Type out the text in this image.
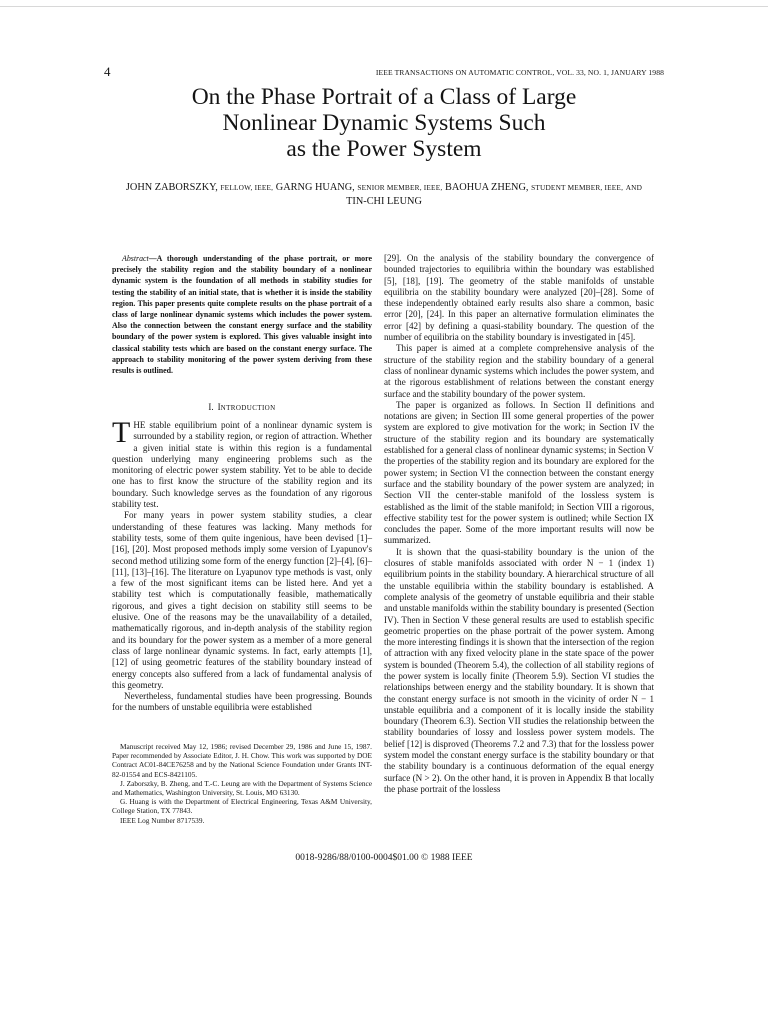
4	IEEE TRANSACTIONS ON AUTOMATIC CONTROL, VOL. 33, NO. 1, JANUARY 1988
On the Phase Portrait of a Class of Large
Nonlinear Dynamic Systems Such
as the Power System
JOHN ZABORSZKY, FELLOW, IEEE, GARNG HUANG, SENIOR MEMBER, IEEE, BAOHUA ZHENG, STUDENT MEMBER, IEEE, AND
TIN-CHI LEUNG
Abstract—A thorough understanding of the phase portrait, or more precisely the stability region and the stability boundary of a nonlinear dynamic system is the foundation of all methods in stability studies for testing the stability of an initial state, that is whether it is inside the stability region. This paper presents quite complete results on the phase portrait of a class of large nonlinear dynamic systems which includes the power system. Also the connection between the constant energy surface and the stability boundary of the power system is explored. This gives valuable insight into classical stability tests which are based on the constant energy surface. The approach to stability monitoring of the power system deriving from these results is outlined.
I. INTRODUCTION

THE stable equilibrium point of a nonlinear dynamic system is surrounded by a stability region, or region of attraction. Whether a given initial state is within this region is a fundamental question underlying many engineering problems such as the monitoring of electric power system stability. Yet to be able to decide one has to first know the structure of the stability region and its boundary. Such knowledge serves as the foundation of any rigorous stability test.

For many years in power system stability studies, a clear understanding of these features was lacking. Many methods for stability tests, some of them quite ingenious, have been devised [1]–[16], [20]. Most proposed methods imply some version of Lyapunov's second method utilizing some form of the energy function [2]–[4], [6]–[11], [13]–[16]. The literature on Lyapunov type methods is vast, only a few of the most significant items can be listed here. And yet a stability test which is computationally feasible, mathematically rigorous, and gives a tight decision on stability still seems to be elusive. One of the reasons may be the unavailability of a detailed, mathematically rigorous, and in-depth analysis of the stability region and its boundary for the power system as a member of a more general class of large nonlinear dynamic systems. In fact, early attempts [1], [12] of using geometric features of the stability boundary instead of energy concepts also suffered from a lack of fundamental analysis of this geometry.

Nevertheless, fundamental studies have been progressing. Bounds for the numbers of unstable equilibria were established

Manuscript received May 12, 1986; revised December 29, 1986 and June 15, 1987. Paper recommended by Associate Editor, J. H. Chow. This work was supported by DOE Contract AC01-84CE76258 and by the National Science Foundation under Grants INT-82-01554 and ECS-8421105.

J. Zaborszky, B. Zheng, and T.-C. Leung are with the Department of Systems Science and Mathematics, Washington University, St. Louis, MO 63130.

G. Huang is with the Department of Electrical Engineering, Texas A&M University, College Station, TX 77843.

IEEE Log Number 8717539.

[29]. On the analysis of the stability boundary the convergence of bounded trajectories to equilibria within the boundary was established [5], [18], [19]. The geometry of the stable manifolds of unstable equilibria on the stability boundary were analyzed [20]–[28]. Some of these independently obtained early results also share a common, basic error [20], [24]. In this paper an alternative formulation eliminates the error [42] by defining a quasi-stability boundary. The question of the number of equilibria on the stability boundary is investigated in [45].

This paper is aimed at a complete comprehensive analysis of the structure of the stability region and the stability boundary of a general class of nonlinear dynamic systems which includes the power system, and at the rigorous establishment of relations between the constant energy surface and the stability boundary of the power system.

The paper is organized as follows. In Section II definitions and notations are given; in Section III some general properties of the power system are explored to give motivation for the work; in Section IV the structure of the stability region and its boundary are systematically established for a general class of nonlinear dynamic systems; in Section V the properties of the stability region and its boundary are explored for the power system; in Section VI the connection between the constant energy surface and the stability boundary of the power system are analyzed; in Section VII the center-stable manifold of the lossless system is established as the limit of the stable manifold; in Section VIII a rigorous, effective stability test for the power system is outlined; while Section IX concludes the paper. Some of the more important results will now be summarized.

It is shown that the quasi-stability boundary is the union of the closures of stable manifolds associated with order N − 1 (index 1) equilibrium points in the stability boundary. A hierarchical structure of all the unstable equilibria within the stability boundary is established. A complete analysis of the geometry of unstable equilibria and their stable and unstable manifolds within the stability boundary is presented (Section IV). Then in Section V these general results are used to establish specific geometric properties on the phase portrait of the power system. Among the more interesting findings it is shown that the intersection of the region of attraction with any fixed velocity plane in the state space of the power system is bounded (Theorem 5.4), the collection of all stability regions of the power system is locally finite (Theorem 5.9). Section VI studies the relationships between energy and the stability boundary. It is shown that the constant energy surface is not smooth in the vicinity of order N − 1 unstable equilibria and a component of it is locally inside the stability boundary (Theorem 6.3). Section VII studies the relationship between the stability boundaries of lossy and lossless power system models. The belief [12] is disproved (Theorems 7.2 and 7.3) that for the lossless power system model the constant energy surface is the stability boundary or that the stability boundary is a continuous deformation of the equal energy surface (N > 2). On the other hand, it is proven in Appendix B that locally the phase portrait of the lossless

0018-9286/88/0100-0004$01.00 © 1988 IEEE
